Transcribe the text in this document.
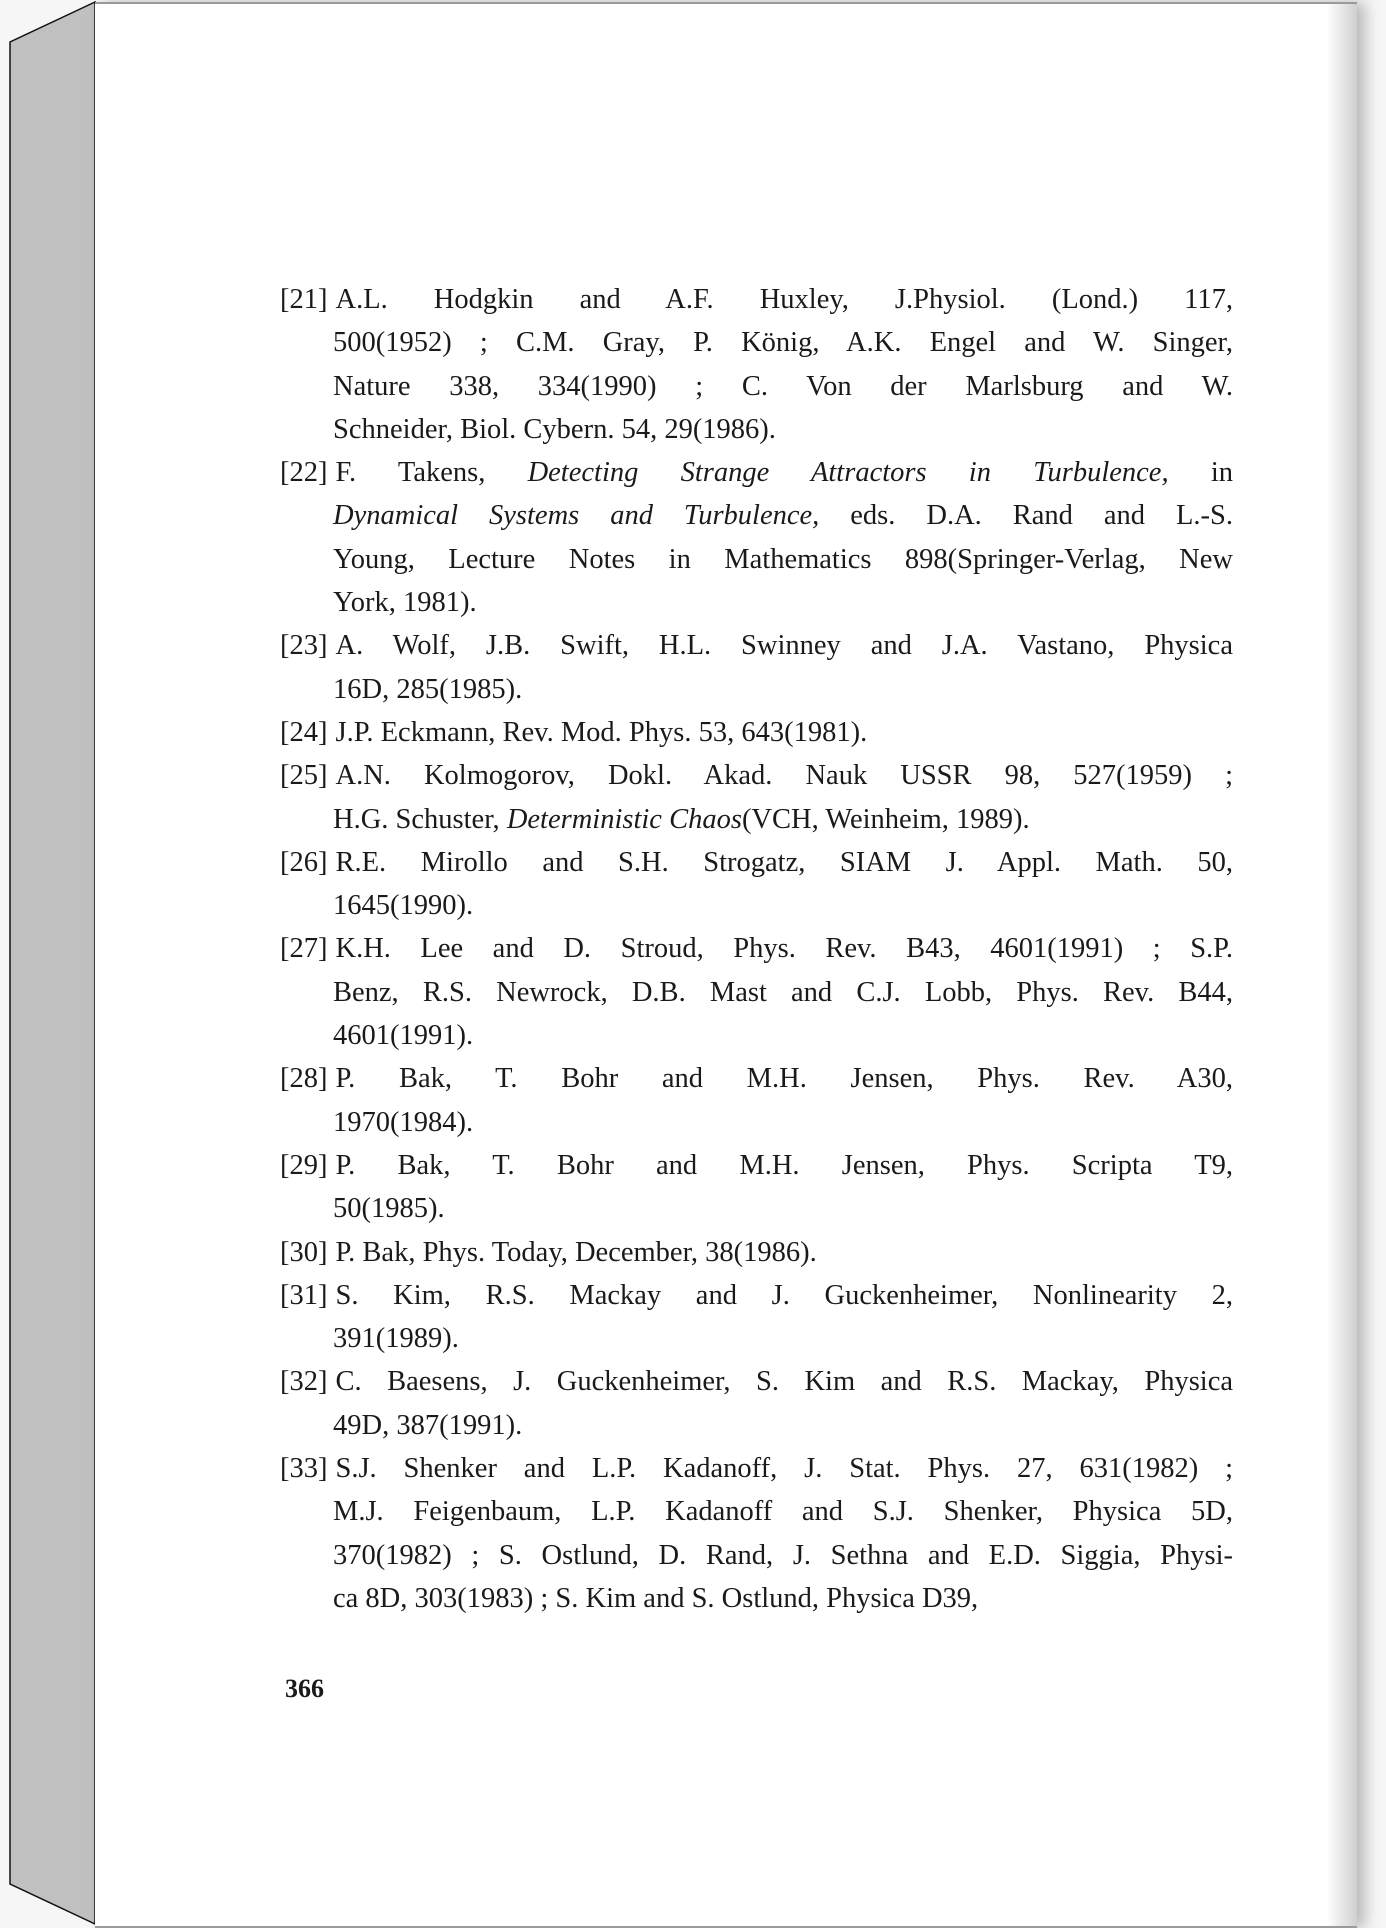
[21] A.L. Hodgkin and A.F. Huxley, J.Physiol. (Lond.) 117,
500(1952) ; C.M. Gray, P. König, A.K. Engel and W. Singer,
Nature 338, 334(1990) ; C. Von der Marlsburg and W.
Schneider, Biol. Cybern. 54, 29(1986).
[22] F. Takens, Detecting Strange Attractors in Turbulence, in
Dynamical Systems and Turbulence, eds. D.A. Rand and L.-S.
Young, Lecture Notes in Mathematics 898(Springer-Verlag, New
York, 1981).
[23] A. Wolf, J.B. Swift, H.L. Swinney and J.A. Vastano, Physica
16D, 285(1985).
[24] J.P. Eckmann, Rev. Mod. Phys. 53, 643(1981).
[25] A.N. Kolmogorov, Dokl. Akad. Nauk USSR 98, 527(1959) ;
H.G. Schuster, Deterministic Chaos(VCH, Weinheim, 1989).
[26] R.E. Mirollo and S.H. Strogatz, SIAM J. Appl. Math. 50,
1645(1990).
[27] K.H. Lee and D. Stroud, Phys. Rev. B43, 4601(1991) ; S.P.
Benz, R.S. Newrock, D.B. Mast and C.J. Lobb, Phys. Rev. B44,
4601(1991).
[28] P. Bak, T. Bohr and M.H. Jensen, Phys. Rev. A30,
1970(1984).
[29] P. Bak, T. Bohr and M.H. Jensen, Phys. Scripta T9,
50(1985).
[30] P. Bak, Phys. Today, December, 38(1986).
[31] S. Kim, R.S. Mackay and J. Guckenheimer, Nonlinearity 2,
391(1989).
[32] C. Baesens, J. Guckenheimer, S. Kim and R.S. Mackay, Physica
49D, 387(1991).
[33] S.J. Shenker and L.P. Kadanoff, J. Stat. Phys. 27, 631(1982) ;
M.J. Feigenbaum, L.P. Kadanoff and S.J. Shenker, Physica 5D,
370(1982) ; S. Ostlund, D. Rand, J. Sethna and E.D. Siggia, Physi-
ca 8D, 303(1983) ; S. Kim and S. Ostlund, Physica D39,
366
